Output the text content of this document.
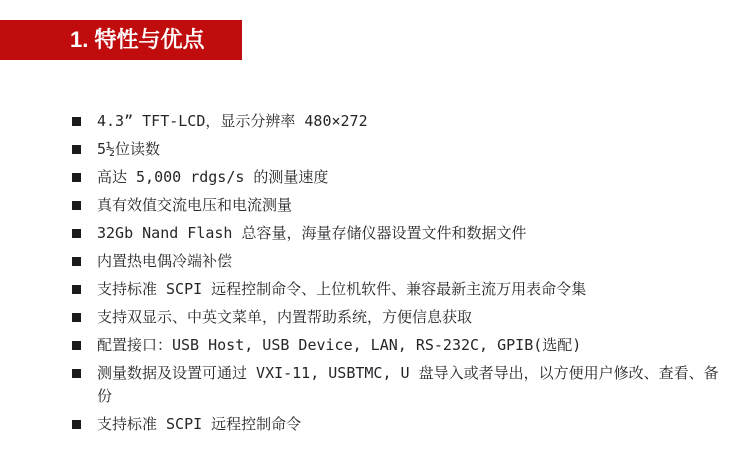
1. 特性与优点
4.3” TFT-LCD，显示分辨率 480×272
5½位读数
高达 5,000 rdgs/s 的测量速度
真有效值交流电压和电流测量
32Gb Nand Flash 总容量，海量存储仪器设置文件和数据文件
内置热电偶冷端补偿
支持标准 SCPI 远程控制命令、上位机软件、兼容最新主流万用表命令集
支持双显示、中英文菜单，内置帮助系统，方便信息获取
配置接口：USB Host, USB Device, LAN, RS-232C, GPIB(选配)
测量数据及设置可通过 VXI-11, USBTMC, U 盘导入或者导出，以方便用户修改、查看、备份
支持标准 SCPI 远程控制命令
